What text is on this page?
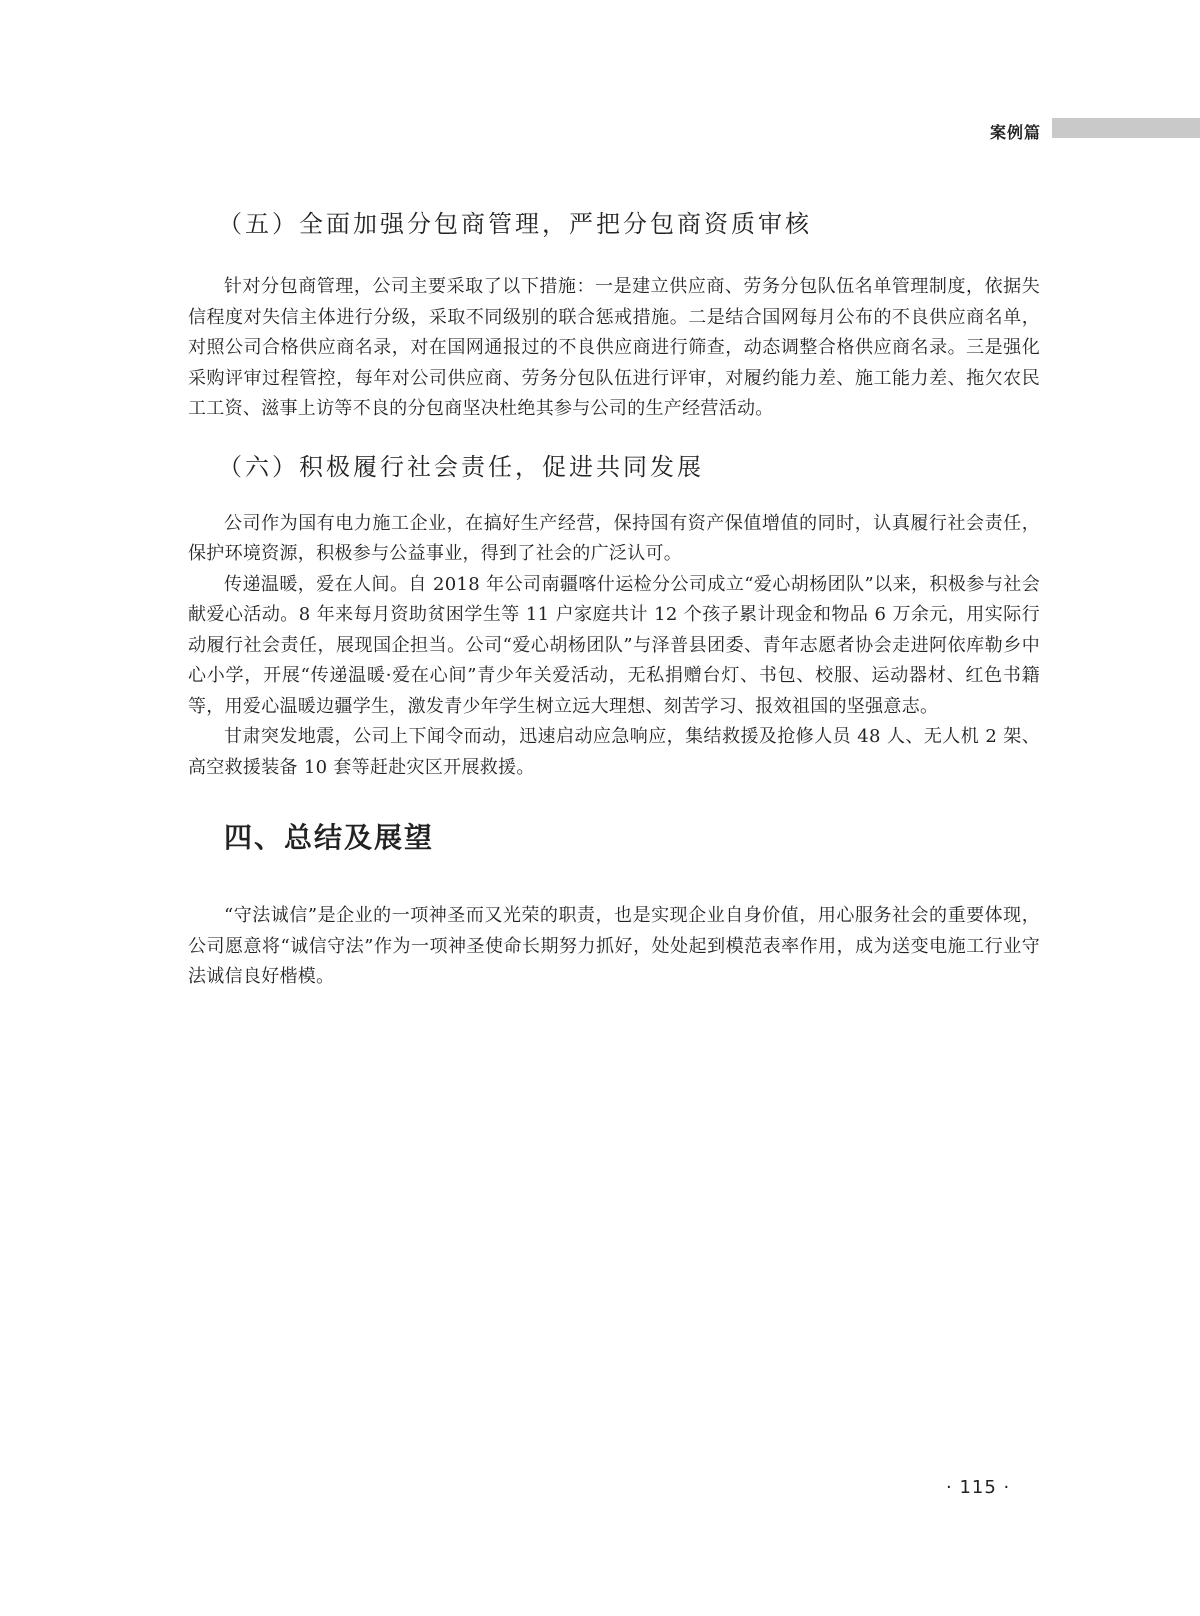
案例篇
（五）全面加强分包商管理，严把分包商资质审核

针对分包商管理，公司主要采取了以下措施：一是建立供应商、劳务分包队伍名单管理制度，依据失信程度对失信主体进行分级，采取不同级别的联合惩戒措施。二是结合国网每月公布的不良供应商名单，对照公司合格供应商名录，对在国网通报过的不良供应商进行筛查，动态调整合格供应商名录。三是强化采购评审过程管控，每年对公司供应商、劳务分包队伍进行评审，对履约能力差、施工能力差、拖欠农民工工资、滋事上访等不良的分包商坚决杜绝其参与公司的生产经营活动。

（六）积极履行社会责任，促进共同发展

公司作为国有电力施工企业，在搞好生产经营，保持国有资产保值增值的同时，认真履行社会责任，保护环境资源，积极参与公益事业，得到了社会的广泛认可。

传递温暖，爱在人间。自 2018 年公司南疆喀什运检分公司成立“爱心胡杨团队”以来，积极参与社会献爱心活动。8 年来每月资助贫困学生等 11 户家庭共计 12 个孩子累计现金和物品 6 万余元，用实际行动履行社会责任，展现国企担当。公司“爱心胡杨团队”与泽普县团委、青年志愿者协会走进阿依库勒乡中心小学，开展“传递温暖·爱在心间”青少年关爱活动，无私捐赠台灯、书包、校服、运动器材、红色书籍等，用爱心温暖边疆学生，激发青少年学生树立远大理想、刻苦学习、报效祖国的坚强意志。

甘肃突发地震，公司上下闻令而动，迅速启动应急响应，集结救援及抢修人员 48 人、无人机 2 架、高空救援装备 10 套等赶赴灾区开展救援。

四、总结及展望

“守法诚信”是企业的一项神圣而又光荣的职责，也是实现企业自身价值，用心服务社会的重要体现，公司愿意将“诚信守法”作为一项神圣使命长期努力抓好，处处起到模范表率作用，成为送变电施工行业守法诚信良好楷模。

· 115 ·
